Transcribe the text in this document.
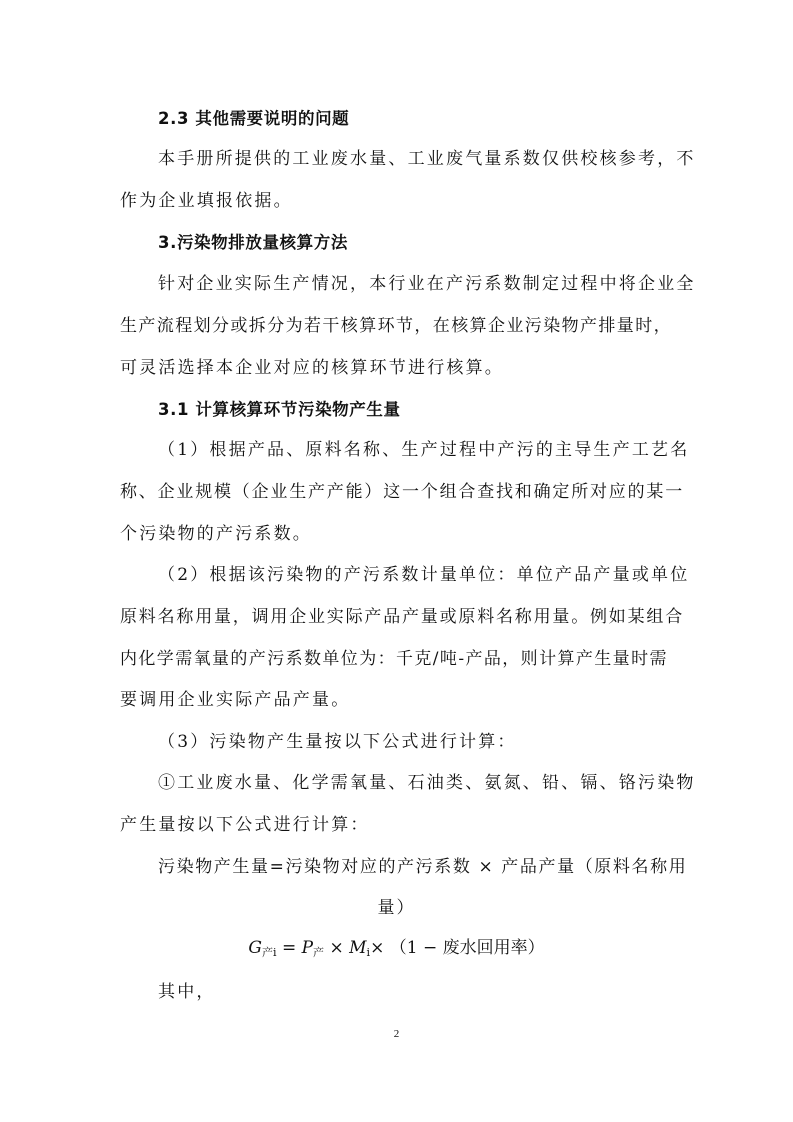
2.3 其他需要说明的问题
本手册所提供的工业废水量、工业废气量系数仅供校核参考，不
作为企业填报依据。
3.污染物排放量核算方法
针对企业实际生产情况，本行业在产污系数制定过程中将企业全
生产流程划分或拆分为若干核算环节，在核算企业污染物产排量时，
可灵活选择本企业对应的核算环节进行核算。
3.1 计算核算环节污染物产生量
（1）根据产品、原料名称、生产过程中产污的主导生产工艺名
称、企业规模（企业生产产能）这一个组合查找和确定所对应的某一
个污染物的产污系数。
（2）根据该污染物的产污系数计量单位：单位产品产量或单位
原料名称用量，调用企业实际产品产量或原料名称用量。例如某组合
内化学需氧量的产污系数单位为：千克/吨-产品，则计算产生量时需
要调用企业实际产品产量。
（3）污染物产生量按以下公式进行计算：
①工业废水量、化学需氧量、石油类、氨氮、铅、镉、铬污染物
产生量按以下公式进行计算：
污染物产生量=污染物对应的产污系数 × 产品产量（原料名称用
量）
$G_{产i} = P_产 \times M_i\times (1$ − 废水回用率）
其中，
2
